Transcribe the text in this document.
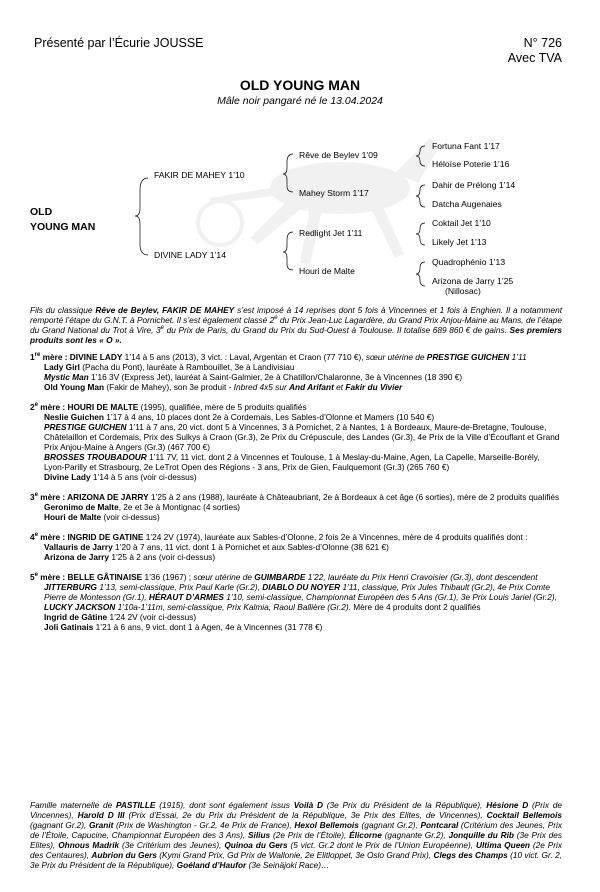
Présenté par l’Écurie JOUSSE	N° 726
Avec TVA
OLD YOUNG MAN
Mâle noir pangaré né le 13.04.2024
OLD
YOUNG MAN
FAKIR DE MAHEY 1’10
DIVINE LADY 1’14
Rêve de Beylev 1’09
Mahey Storm 1’17
Redlight Jet 1’11
Houri de Malte
Fortuna Fant 1’17
Héloïse Poterie 1’16
Dahir de Prélong 1’14
Datcha Augenaies
Coktail Jet 1’10
Likely Jet 1’13
Quadrophénio 1’13
Arizona de Jarry 1’25
(Nillosac)

Fils du classique Rêve de Beylev, FAKIR DE MAHEY s’est imposé à 14 reprises dont 5 fois à Vincennes et 1 fois à Enghien. Il a notamment remporté l’étape du G.N.T. à Pornichet. Il s’est également classé 2e du Prix Jean-Luc Lagardère, du Grand Prix Anjou-Maine au Mans, de l’étape du Grand National du Trot à Vire, 3e du Prix de Paris, du Grand du Prix du Sud-Ouest à Toulouse. Il totalise 689 860 € de gains. Ses premiers produits sont les « O ».

1re mère : DIVINE LADY 1’14 à 5 ans (2013), 3 vict. : Laval, Argentan et Craon (77 710 €), sœur utérine de PRESTIGE GUICHEN 1’11

Lady Girl (Pacha du Pont), lauréate à Rambouillet, 3e à Landivisiau

Mystic Man 1’16 3V (Express Jet), lauréat à Saint-Galmier, 2e à Chatillon/Chalaronne, 3e à Vincennes (18 390 €)

Old Young Man (Fakir de Mahey), son 3e produit - Inbred 4x5 sur And Arifant et Fakir du Vivier

2e mère : HOURI DE MALTE (1995), qualifiée, mère de 5 produits qualifiés

Neslie Guichen 1’17 à 4 ans, 10 places dont 2e à Cordemais, Les Sables-d’Olonne et Mamers (10 540 €)

PRESTIGE GUICHEN 1’11 à 7 ans, 20 vict. dont 5 à Vincennes, 3 à Pornichet, 2 à Nantes, 1 à Bordeaux, Maure-de-Bretagne, Toulouse, Châtelaillon et Cordemais, Prix des Sulkys à Craon (Gr.3), 2e Prix du Crépuscule, des Landes (Gr.3), 4e Prix de la Ville d’Écouflant et Grand Prix Anjou-Maine à Angers (Gr.3) (467 700 €)

BROSSES TROUBADOUR 1’11 7V, 11 vict. dont 2 à Vincennes et Toulouse, 1 à Meslay-du-Maine, Agen, La Capelle, Marseille-Borély, Lyon-Parilly et Strasbourg, 2e LeTrot Open des Régions - 3 ans, Prix de Gien, Faulquemont (Gr.3) (265 760 €)

Divine Lady 1’14 à 5 ans (voir ci-dessus)

3e mère : ARIZONA DE JARRY 1’25 à 2 ans (1988), lauréate à Châteaubriant, 2e à Bordeaux à cet âge (6 sorties), mère de 2 produits qualifiés

Geronimo de Malte, 2e et 3e à Montignac (4 sorties)

Houri de Malte (voir ci-dessus)

4e mère : INGRID DE GATINE 1’24 2V (1974), lauréate aux Sables-d’Olonne, 2 fois 2e à Vincennes, mère de 4 produits qualifiés dont :

Vallauris de Jarry 1’20 à 7 ans, 11 vict. dont 1 à Pornichet et aux Sables-d’Olonne (38 621 €)

Arizona de Jarry 1’25 à 2 ans (voir ci-dessus)

5e mère : BELLE GÂTINAISE 1’36 (1967) ; sœur utérine de GUIMBARDE 1’22, lauréate du Prix Henri Cravoisier (Gr.3), dont descendent JITTERBURG 1’13, semi-classique, Prix Paul Karle (Gr.2), DIABLO DU NOYER 1’11, classique, Prix Jules Thibault (Gr.2), 4e Prix Comte Pierre de Montesson (Gr.1), HÉRAUT D’ARMES 1’10, semi-classique, Championnat Européen des 5 Ans (Gr.1), 3e Prix Louis Jariel (Gr.2), LUCKY JACKSON 1’10a-1’11m, semi-classique, Prix Kalmia, Raoul Ballière (Gr.2). Mère de 4 produits dont 2 qualifiés

Ingrid de Gâtine 1’24 2V (voir ci-dessus)

Joli Gatinais 1’21 à 6 ans, 9 vict. dont 1 à Agen, 4e à Vincennes (31 778 €)

Famille maternelle de PASTILLE (1915), dont sont également issus Voilà D (3e Prix du Président de la République), Hésione D (Prix de Vincennes), Harold D III (Prix d’Essai, 2e du Prix du Président de la République, 3e Prix des Elites, de Vincennes), Cocktail Bellemois (gagnant Gr.2), Granit (Prix de Washington - Gr.2, 4e Prix de France), Hexol Bellemois (gagnant Gr.2), Pontcaral (Critérium des Jeunes, Prix de l’Étoile, Capucine, Championnat Européen des 3 Ans), Silius (2e Prix de l’Étoile), Élicorne (gagnante Gr.2), Jonquille du Rib (3e Prix des Elites), Ohnous Madrik (3e Critérium des Jeunes), Quinoa du Gers (5 vict. Gr.2 dont le Prix de l’Union Européenne), Ultima Queen (2e Prix des Centaures), Aubrion du Gers (Kymi Grand Prix, Gd Prix de Wallonie, 2e Elitloppet, 3e Oslo Grand Prix), Clegs des Champs (10 vict. Gr. 2, 3e Prix du Président de la République), Goéland d’Haufor (3e Seinäjoki Race)…
